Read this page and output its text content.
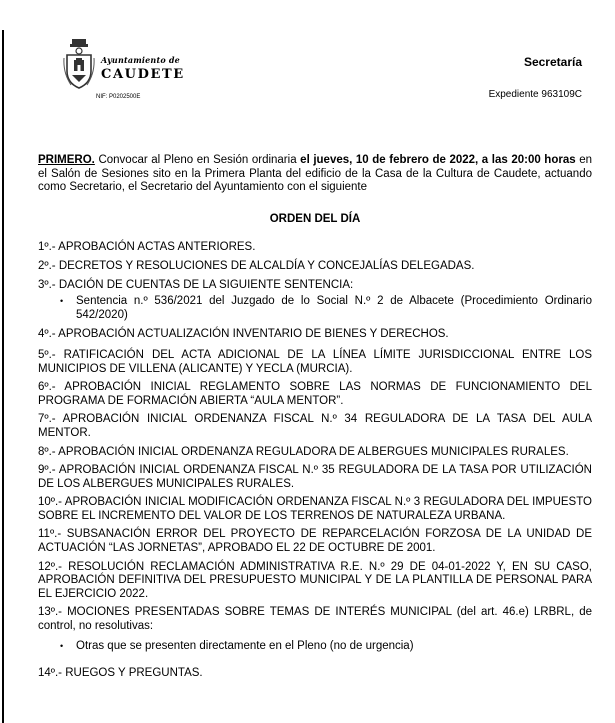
Ayuntamiento de
CAUDETE
NIF: P0202500E
Secretaría
Expediente 963109C

PRIMERO. Convocar al Pleno en Sesión ordinaria el jueves, 10 de febrero de 2022, a las 20:00 horas en el Salón de Sesiones sito en la Primera Planta del edificio de la Casa de la Cultura de Caudete, actuando como Secretario, el Secretario del Ayuntamiento con el siguiente

ORDEN DEL DÍA
1º.- APROBACIÓN ACTAS ANTERIORES.
2º.- DECRETOS Y RESOLUCIONES DE ALCALDÍA Y CONCEJALÍAS DELEGADAS.
3º.- DACIÓN DE CUENTAS DE LA SIGUIENTE SENTENCIA:
• Sentencia n.º 536/2021 del Juzgado de lo Social N.º 2 de Albacete (Procedimiento Ordinario 542/2020)
4º.- APROBACIÓN ACTUALIZACIÓN INVENTARIO DE BIENES Y DERECHOS.
5º.- RATIFICACIÓN DEL ACTA ADICIONAL DE LA LÍNEA LÍMITE JURISDICCIONAL ENTRE LOS MUNICIPIOS DE VILLENA (ALICANTE) Y YECLA (MURCIA).
6º.- APROBACIÓN INICIAL REGLAMENTO SOBRE LAS NORMAS DE FUNCIONAMIENTO DEL PROGRAMA DE FORMACIÓN ABIERTA “AULA MENTOR”.
7º.- APROBACIÓN INICIAL ORDENANZA FISCAL N.º 34 REGULADORA DE LA TASA DEL AULA MENTOR.
8º.- APROBACIÓN INICIAL ORDENANZA REGULADORA DE ALBERGUES MUNICIPALES RURALES.
9º.- APROBACIÓN INICIAL ORDENANZA FISCAL N.º 35 REGULADORA DE LA TASA POR UTILIZACIÓN DE LOS ALBERGUES MUNICIPALES RURALES.
10º.- APROBACIÓN INICIAL MODIFICACIÓN ORDENANZA FISCAL N.º 3 REGULADORA DEL IMPUESTO SOBRE EL INCREMENTO DEL VALOR DE LOS TERRENOS DE NATURALEZA URBANA.
11º.- SUBSANACIÓN ERROR DEL PROYECTO DE REPARCELACIÓN FORZOSA DE LA UNIDAD DE ACTUACIÓN “LAS JORNETAS”, APROBADO EL 22 DE OCTUBRE DE 2001.
12º.- RESOLUCIÓN RECLAMACIÓN ADMINISTRATIVA R.E. N.º 29 DE 04-01-2022 Y, EN SU CASO, APROBACIÓN DEFINITIVA DEL PRESUPUESTO MUNICIPAL Y DE LA PLANTILLA DE PERSONAL PARA EL EJERCICIO 2022.
13º.- MOCIONES PRESENTADAS SOBRE TEMAS DE INTERÉS MUNICIPAL (del art. 46.e) LRBRL, de control, no resolutivas:
• Otras que se presenten directamente en el Pleno (no de urgencia)
14º.- RUEGOS Y PREGUNTAS.
